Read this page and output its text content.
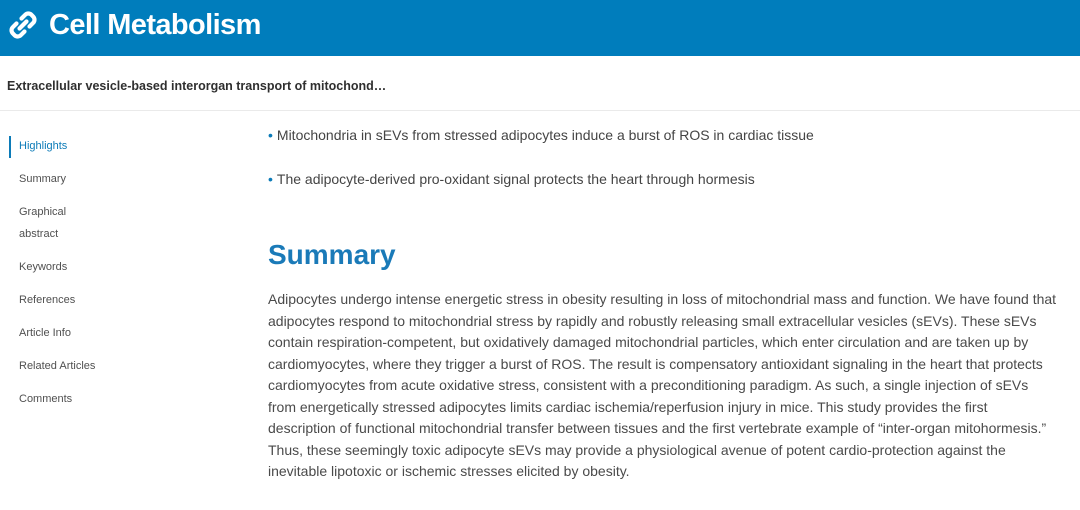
Cell Metabolism
Extracellular vesicle-based interorgan transport of mitochond…
Highlights
Summary
Graphical
abstract
Keywords
References
Article Info
Related Articles
Comments
• Mitochondria in sEVs from stressed adipocytes induce a burst of ROS in cardiac tissue
• The adipocyte-derived pro-oxidant signal protects the heart through hormesis
Summary

Adipocytes undergo intense energetic stress in obesity resulting in loss of mitochondrial mass and function. We have found that adipocytes respond to mitochondrial stress by rapidly and robustly releasing small extracellular vesicles (sEVs). These sEVs contain respiration-competent, but oxidatively damaged mitochondrial particles, which enter circulation and are taken up by cardiomyocytes, where they trigger a burst of ROS. The result is compensatory antioxidant signaling in the heart that protects cardiomyocytes from acute oxidative stress, consistent with a preconditioning paradigm. As such, a single injection of sEVs from energetically stressed adipocytes limits cardiac ischemia/reperfusion injury in mice. This study provides the first description of functional mitochondrial transfer between tissues and the first vertebrate example of “inter-organ mitohormesis.” Thus, these seemingly toxic adipocyte sEVs may provide a physiological avenue of potent cardio-protection against the inevitable lipotoxic or ischemic stresses elicited by obesity.
